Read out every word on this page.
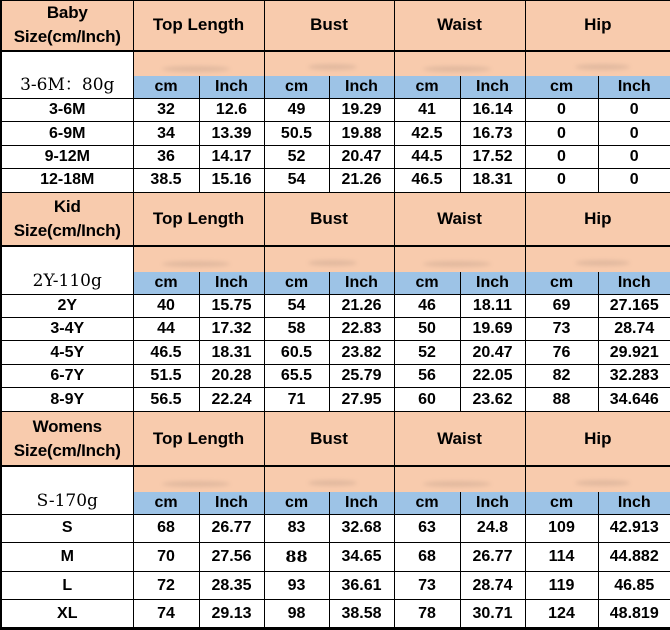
Baby
Size(cm/Inch)	Top Length		Bust		Waist		Hip	
3-6M：80g					

	cm	Inch	cm	Inch	cm	Inch	cm	Inch
3-6M	32	12.6	49	19.29	41	16.14	0	0
6-9M	34	13.39	50.5	19.88	42.5	16.73	0	0
9-12M	36	14.17	52	20.47	44.5	17.52	0	0
12-18M	38.5	15.16	54	21.26	46.5	18.31	0	0

Kid
Size(cm/Inch)	Top Length		Bust		Waist		Hip	
2Y-110g					

	cm	Inch	cm	Inch	cm	Inch	cm	Inch
2Y	40	15.75	54	21.26	46	18.11	69	27.165
3-4Y	44	17.32	58	22.83	50	19.69	73	28.74
4-5Y	46.5	18.31	60.5	23.82	52	20.47	76	29.921
6-7Y	51.5	20.28	65.5	25.79	56	22.05	82	32.283
8-9Y	56.5	22.24	71	27.95	60	23.62	88	34.646

Womens
Size(cm/Inch)	Top Length		Bust		Waist		Hip	
S-170g					

	cm	Inch	cm	Inch	cm	Inch	cm	Inch
S	68	26.77	83	32.68	63	24.8	109	42.913
M	70	27.56	88	34.65	68	26.77	114	44.882
L	72	28.35	93	36.61	73	28.74	119	46.85
XL	74	29.13	98	38.58	78	30.71	124	48.819
